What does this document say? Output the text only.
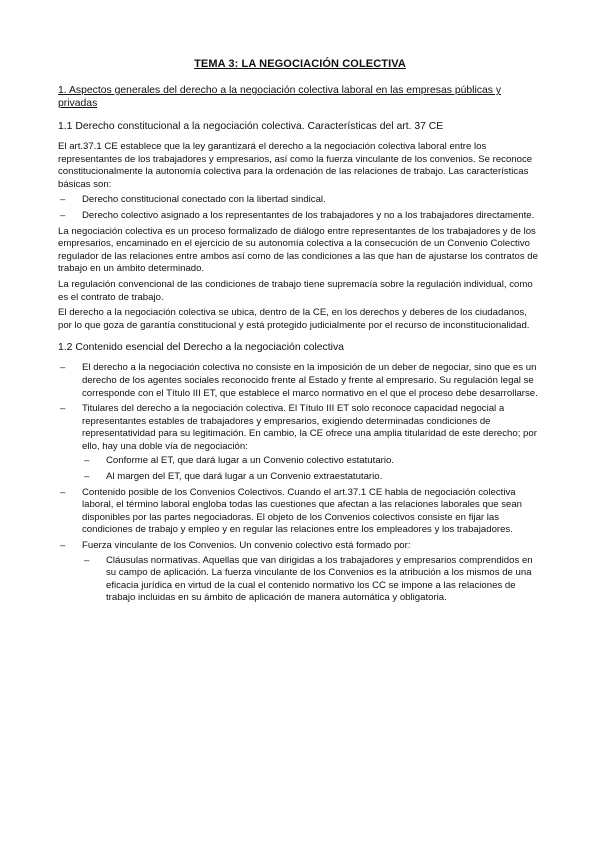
TEMA 3: LA NEGOCIACIÓN COLECTIVA
1. Aspectos generales del derecho a la negociación colectiva laboral en las empresas públicas y privadas
1.1 Derecho constitucional a la negociación colectiva. Características del art. 37 CE

El art.37.1 CE establece que la ley garantizará el derecho a la negociación colectiva laboral entre los representantes de los trabajadores y empresarios, así como la fuerza vinculante de los convenios. Se reconoce constitucionalmente la autonomía colectiva para la ordenación de las relaciones de trabajo. Las características básicas son:

– Derecho constitucional conectado con la libertad sindical.
– Derecho colectivo asignado a los representantes de los trabajadores y no a los trabajadores directamente.

La negociación colectiva es un proceso formalizado de diálogo entre representantes de los trabajadores y de los empresarios, encaminado en el ejercicio de su autonomía colectiva a la consecución de un Convenio Colectivo regulador de las relaciones entre ambos así como de las condiciones a las que han de ajustarse los contratos de trabajo en un ámbito determinado.

La regulación convencional de las condiciones de trabajo tiene supremacía sobre la regulación individual, como es el contrato de trabajo.

El derecho a la negociación colectiva se ubica, dentro de la CE, en los derechos y deberes de los ciudadanos, por lo que goza de garantía constitucional y está protegido judicialmente por el recurso de inconstitucionalidad.

1.2 Contenido esencial del Derecho a la negociación colectiva
– El derecho a la negociación colectiva no consiste en la imposición de un deber de negociar, sino que es un derecho de los agentes sociales reconocido frente al Estado y frente al empresario. Su regulación legal se corresponde con el Título III ET, que establece el marco normativo en el que el proceso debe desarrollarse.
– Titulares del derecho a la negociación colectiva. El Título III ET solo reconoce capacidad negocial a representantes estables de trabajadores y empresarios, exigiendo determinadas condiciones de representatividad para su legitimación. En cambio, la CE ofrece una amplia titularidad de este derecho; por ello, hay una doble vía de negociación:
– Conforme al ET, que dará lugar a un Convenio colectivo estatutario.
– Al margen del ET, que dará lugar a un Convenio extraestatutario.
– Contenido posible de los Convenios Colectivos. Cuando el art.37.1 CE habla de negociación colectiva laboral, el término laboral engloba todas las cuestiones que afectan a las relaciones laborales que sean disponibles por las partes negociadoras. El objeto de los Convenios colectivos consiste en fijar las condiciones de trabajo y empleo y en regular las relaciones entre los empleadores y los trabajadores.
– Fuerza vinculante de los Convenios. Un convenio colectivo está formado por:
– Cláusulas normativas. Aquellas que van dirigidas a los trabajadores y empresarios comprendidos en su campo de aplicación. La fuerza vinculante de los Convenios es la atribución a los mismos de una eficacia jurídica en virtud de la cual el contenido normativo los CC se impone a las relaciones de trabajo incluidas en su ámbito de aplicación de manera automática y obligatoria.
